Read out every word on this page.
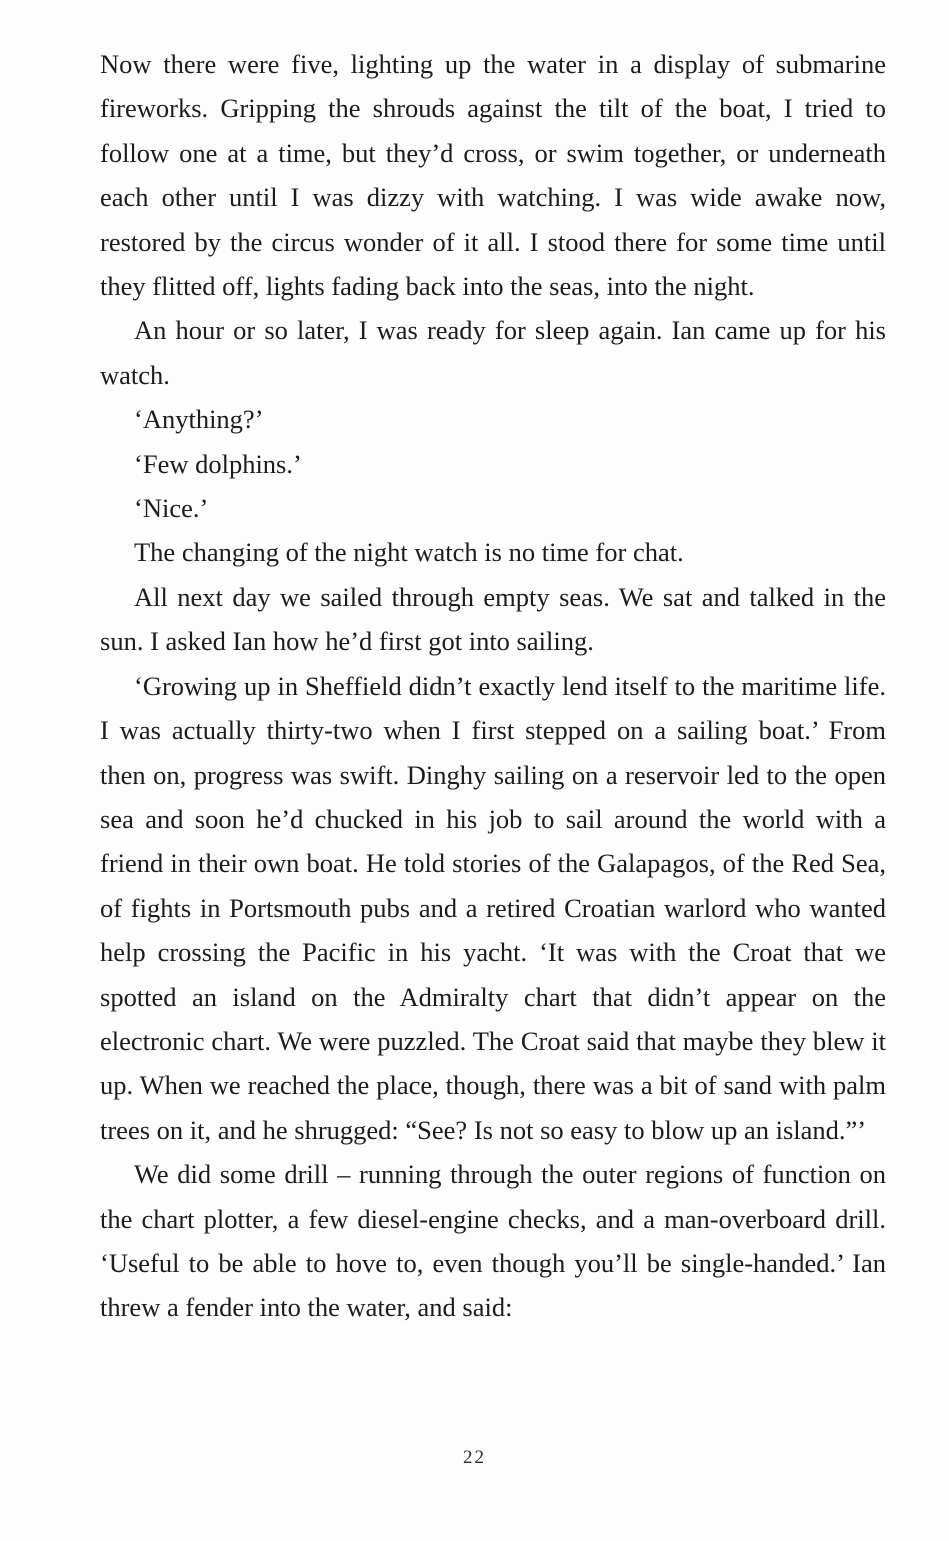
Now there were five, lighting up the water in a display of submarine fireworks. Gripping the shrouds against the tilt of the boat, I tried to follow one at a time, but they’d cross, or swim together, or underneath each other until I was dizzy with watching. I was wide awake now, restored by the circus wonder of it all. I stood there for some time until they flitted off, lights fading back into the seas, into the night.

An hour or so later, I was ready for sleep again. Ian came up for his watch.

‘Anything?’

‘Few dolphins.’

‘Nice.’

The changing of the night watch is no time for chat.

All next day we sailed through empty seas. We sat and talked in the sun. I asked Ian how he’d first got into sailing.

‘Growing up in Sheffield didn’t exactly lend itself to the maritime life. I was actually thirty-two when I first stepped on a sailing boat.’ From then on, progress was swift. Dinghy sailing on a reservoir led to the open sea and soon he’d chucked in his job to sail around the world with a friend in their own boat. He told stories of the Galapagos, of the Red Sea, of fights in Portsmouth pubs and a retired Croatian warlord who wanted help crossing the Pacific in his yacht. ‘It was with the Croat that we spotted an island on the Admiralty chart that didn’t appear on the electronic chart. We were puzzled. The Croat said that maybe they blew it up. When we reached the place, though, there was a bit of sand with palm trees on it, and he shrugged: “See? Is not so easy to blow up an island.”’

We did some drill – running through the outer regions of function on the chart plotter, a few diesel-engine checks, and a man-overboard drill. ‘Useful to be able to hove to, even though you’ll be single-handed.’ Ian threw a fender into the water, and said:

22
